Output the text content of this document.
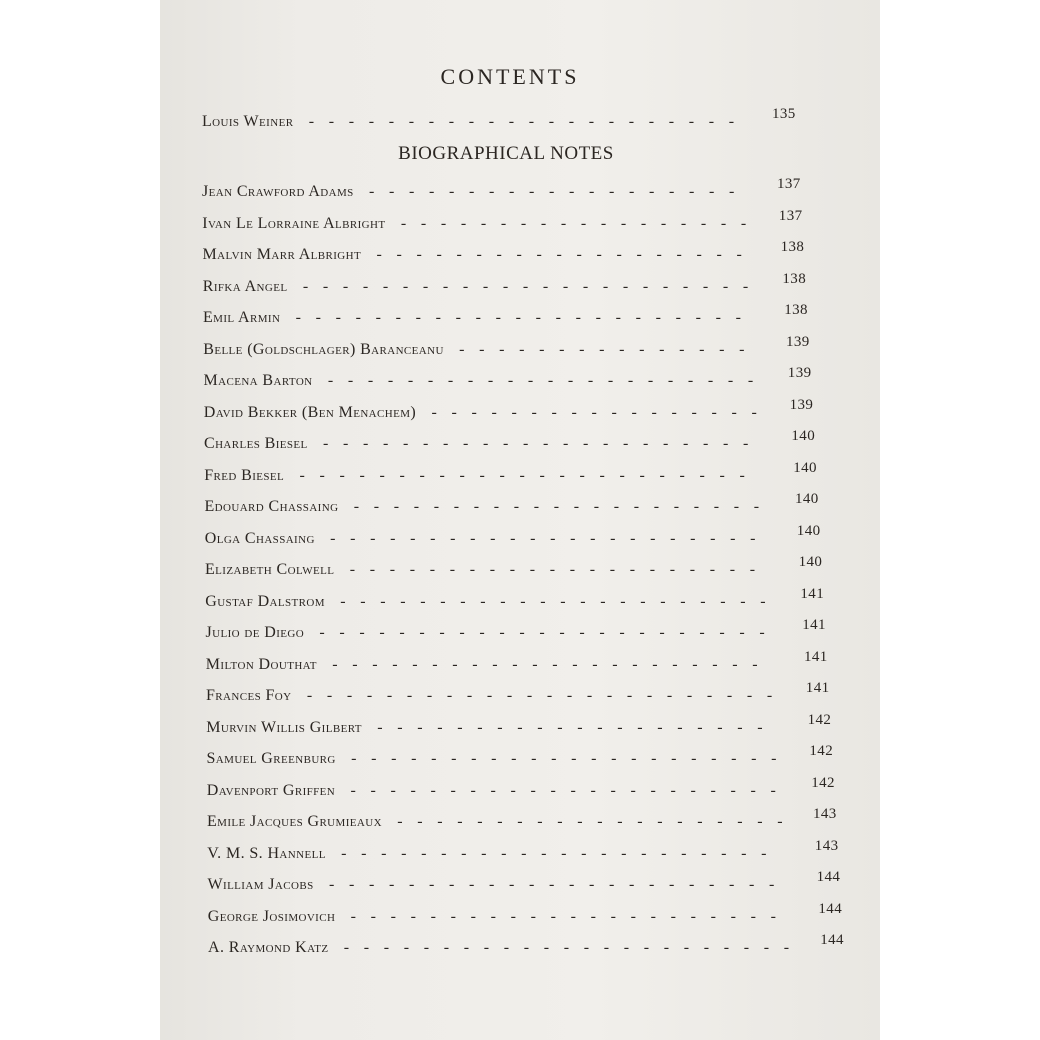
CONTENTS
BIOGRAPHICAL NOTES
Louis Weiner - - - - - - - - - - - - - - - - - - - - - -	135
Jean Crawford Adams - - - - - - - - - - - - - - - - - - -	137
Ivan Le Lorraine Albright - - - - - - - - - - - - - - - - - -	137
Malvin Marr Albright - - - - - - - - - - - - - - - - - - -	138
Rifka Angel - - - - - - - - - - - - - - - - - - - - - - -	138
Emil Armin - - - - - - - - - - - - - - - - - - - - - - -	138
Belle (Goldschlager) Baranceanu - - - - - - - - - - - - - - -	139
Macena Barton - - - - - - - - - - - - - - - - - - - - - -	139
David Bekker (Ben Menachem) - - - - - - - - - - - - - - - - -	139
Charles Biesel - - - - - - - - - - - - - - - - - - - - - -	140
Fred Biesel - - - - - - - - - - - - - - - - - - - - - - -	140
Edouard Chassaing - - - - - - - - - - - - - - - - - - - - -	140
Olga Chassaing - - - - - - - - - - - - - - - - - - - - - -	140
Elizabeth Colwell - - - - - - - - - - - - - - - - - - - - -	140
Gustaf Dalstrom - - - - - - - - - - - - - - - - - - - - - -	141
Julio de Diego - - - - - - - - - - - - - - - - - - - - - - -	141
Milton Douthat - - - - - - - - - - - - - - - - - - - - - -	141
Frances Foy - - - - - - - - - - - - - - - - - - - - - - - -	141
Murvin Willis Gilbert - - - - - - - - - - - - - - - - - - - -	142
Samuel Greenburg - - - - - - - - - - - - - - - - - - - - - -	142
Davenport Griffen - - - - - - - - - - - - - - - - - - - - - -	142
Emile Jacques Grumieaux - - - - - - - - - - - - - - - - - - - -	143
V. M. S. Hannell - - - - - - - - - - - - - - - - - - - - - -	143
William Jacobs - - - - - - - - - - - - - - - - - - - - - - -	144
George Josimovich - - - - - - - - - - - - - - - - - - - - - -	144
A. Raymond Katz - - - - - - - - - - - - - - - - - - - - - - -	144
